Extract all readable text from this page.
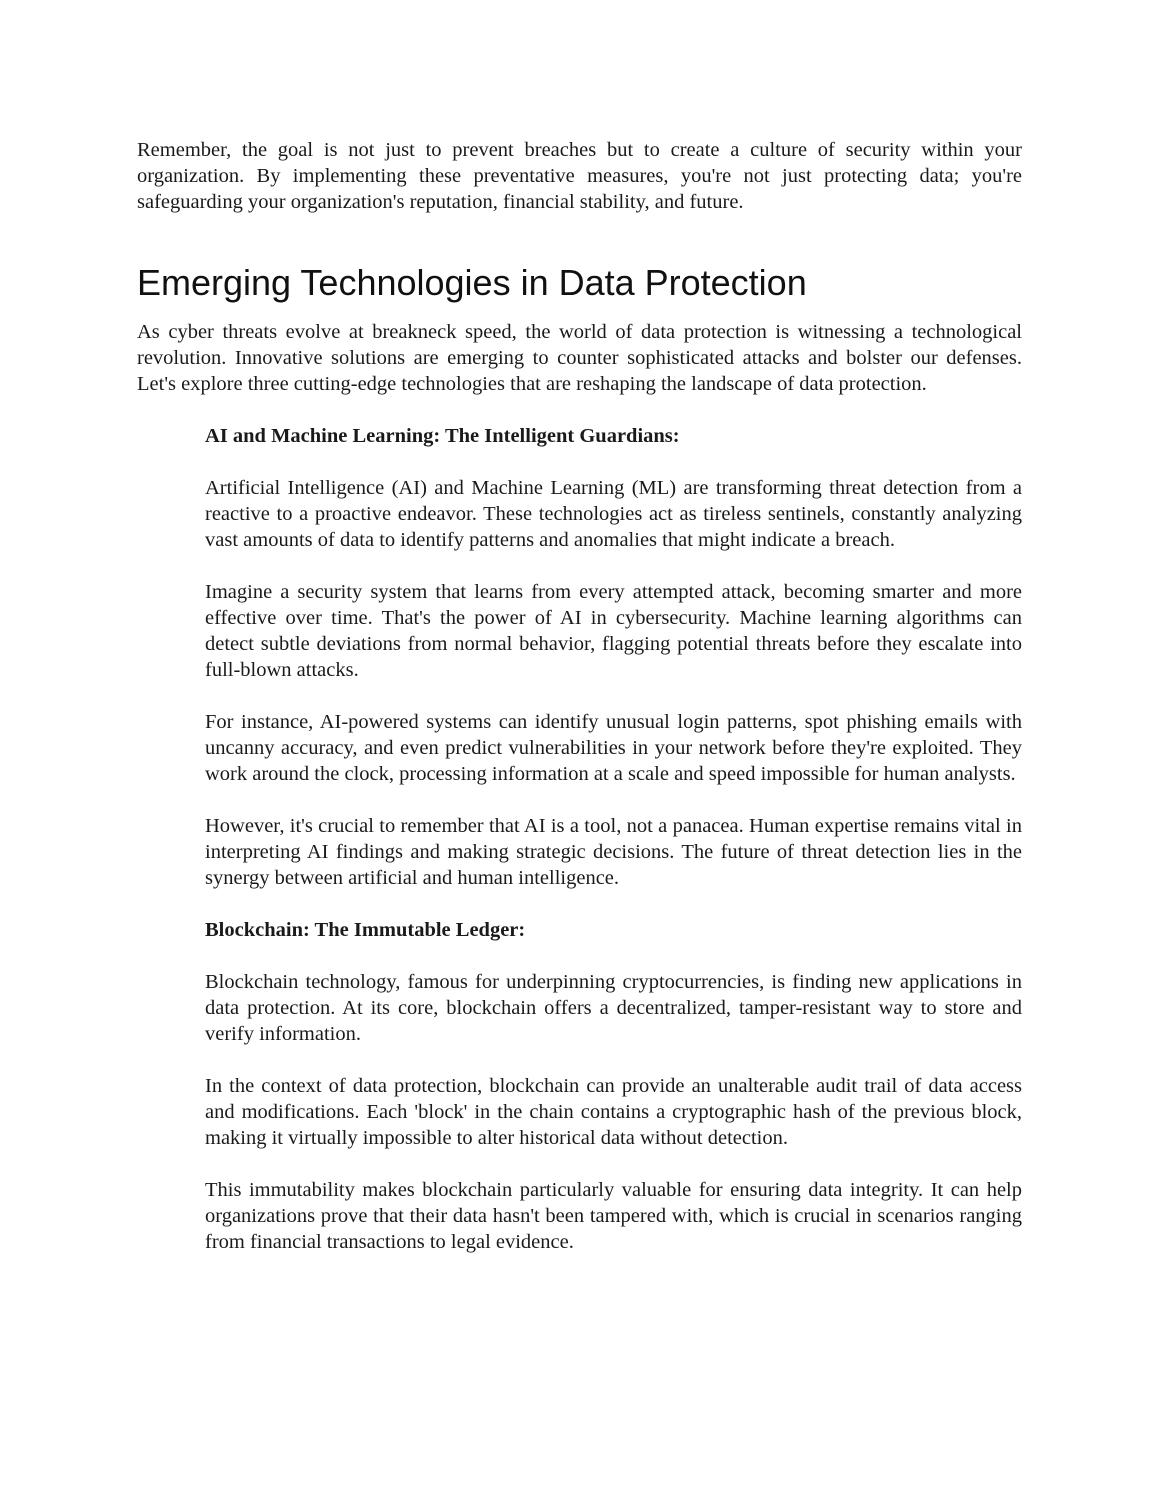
Remember, the goal is not just to prevent breaches but to create a culture of security within your organization. By implementing these preventative measures, you're not just protecting data; you're safeguarding your organization's reputation, financial stability, and future.

Emerging Technologies in Data Protection

As cyber threats evolve at breakneck speed, the world of data protection is witnessing a technological revolution. Innovative solutions are emerging to counter sophisticated attacks and bolster our defenses. Let's explore three cutting-edge technologies that are reshaping the landscape of data protection.

AI and Machine Learning: The Intelligent Guardians:

Artificial Intelligence (AI) and Machine Learning (ML) are transforming threat detection from a reactive to a proactive endeavor. These technologies act as tireless sentinels, constantly analyzing vast amounts of data to identify patterns and anomalies that might indicate a breach.

Imagine a security system that learns from every attempted attack, becoming smarter and more effective over time. That's the power of AI in cybersecurity. Machine learning algorithms can detect subtle deviations from normal behavior, flagging potential threats before they escalate into full-blown attacks.

For instance, AI-powered systems can identify unusual login patterns, spot phishing emails with uncanny accuracy, and even predict vulnerabilities in your network before they're exploited. They work around the clock, processing information at a scale and speed impossible for human analysts.

However, it's crucial to remember that AI is a tool, not a panacea. Human expertise remains vital in interpreting AI findings and making strategic decisions. The future of threat detection lies in the synergy between artificial and human intelligence.

Blockchain: The Immutable Ledger:

Blockchain technology, famous for underpinning cryptocurrencies, is finding new applications in data protection. At its core, blockchain offers a decentralized, tamper-resistant way to store and verify information.

In the context of data protection, blockchain can provide an unalterable audit trail of data access and modifications. Each 'block' in the chain contains a cryptographic hash of the previous block, making it virtually impossible to alter historical data without detection.

This immutability makes blockchain particularly valuable for ensuring data integrity. It can help organizations prove that their data hasn't been tampered with, which is crucial in scenarios ranging from financial transactions to legal evidence.
